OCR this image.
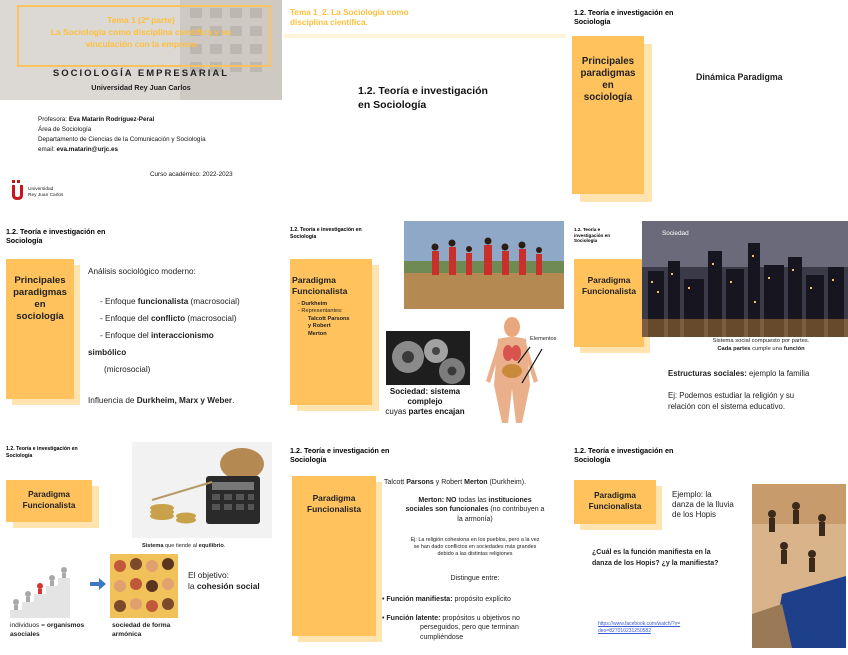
Tema 1 (2ª parte)
La Sociología como disciplina científica y su
vinculación con la empresa
SOCIOLOGÍA EMPRESARIAL
Universidad Rey Juan Carlos
Profesora: Eva Matarín Rodríguez-Peral
Área de Sociología
Departamento de Ciencias de la Comunicación y Sociología
email: eva.matarin@urjc.es
Curso académico: 2022-2023
Universidad
Rey Juan Carlos
Tema 1_2. La Sociología como
disciplina científica.
1.2. Teoría e investigación
en Sociología
1.2. Teoría e investigación en
Sociología
Principales
paradigmas
en
sociología
Dinámica Paradigma
1.2. Teoría e investigación en
Sociología
Principales
paradigmas
en
sociología
Análisis sociológico moderno:
- Enfoque funcionalista (macrosocial)
- Enfoque del conflicto (macrosocial)
- Enfoque del interaccionismo
simbólico
(microsocial)
Influencia de Durkheim, Marx y Weber.
1.2. Teoría e investigación en
Sociología
Paradigma
Funcionalista
- Durkheim
- Representantes:
Talcott Parsons
y Robert
Merton
Elementos
Sociedad: sistema
complejo
cuyas partes encajan
1.2. Teoría e
investigación en
Sociología
Paradigma
Funcionalista
Sociedad
Sistema social compuesto por partes.
Cada partes cumple una función
Estructuras sociales: ejemplo la familia
Ej: Podemos estudiar la religión y su
relación con el sistema educativo.
1.2. Teoría e investigación en
Sociología
Paradigma
Funcionalista
Sistema que tiende al equilibrio.
individuos = organismos
asociales
sociedad de forma
armónica
El objetivo:
la cohesión social
1.2. Teoría e investigación en
Sociología
Paradigma
Funcionalista
Talcott Parsons y Robert Merton (Durkheim).
Merton: NO todas las instituciones
sociales son funcionales (no contribuyen a
la armonía)
Ej: La religión cohesiona en los pueblos, pero a la vez
se han dado conflictos en sociedades más grandes
debido a las distintas religiones
Distingue entre:
• Función manifiesta: propósito explícito
• Función latente: propósitos u objetivos no
perseguidos, pero que terminan
cumpliéndose
1.2. Teoría e investigación en
Sociología
Paradigma
Funcionalista
Ejemplo: la
danza de la lluvia
de los Hopis
¿Cuál es la función manifiesta en la
danza de los Hopis? ¿y la manifiesta?
https://www.facebook.com/watch/?v=
deo=827010231250582
